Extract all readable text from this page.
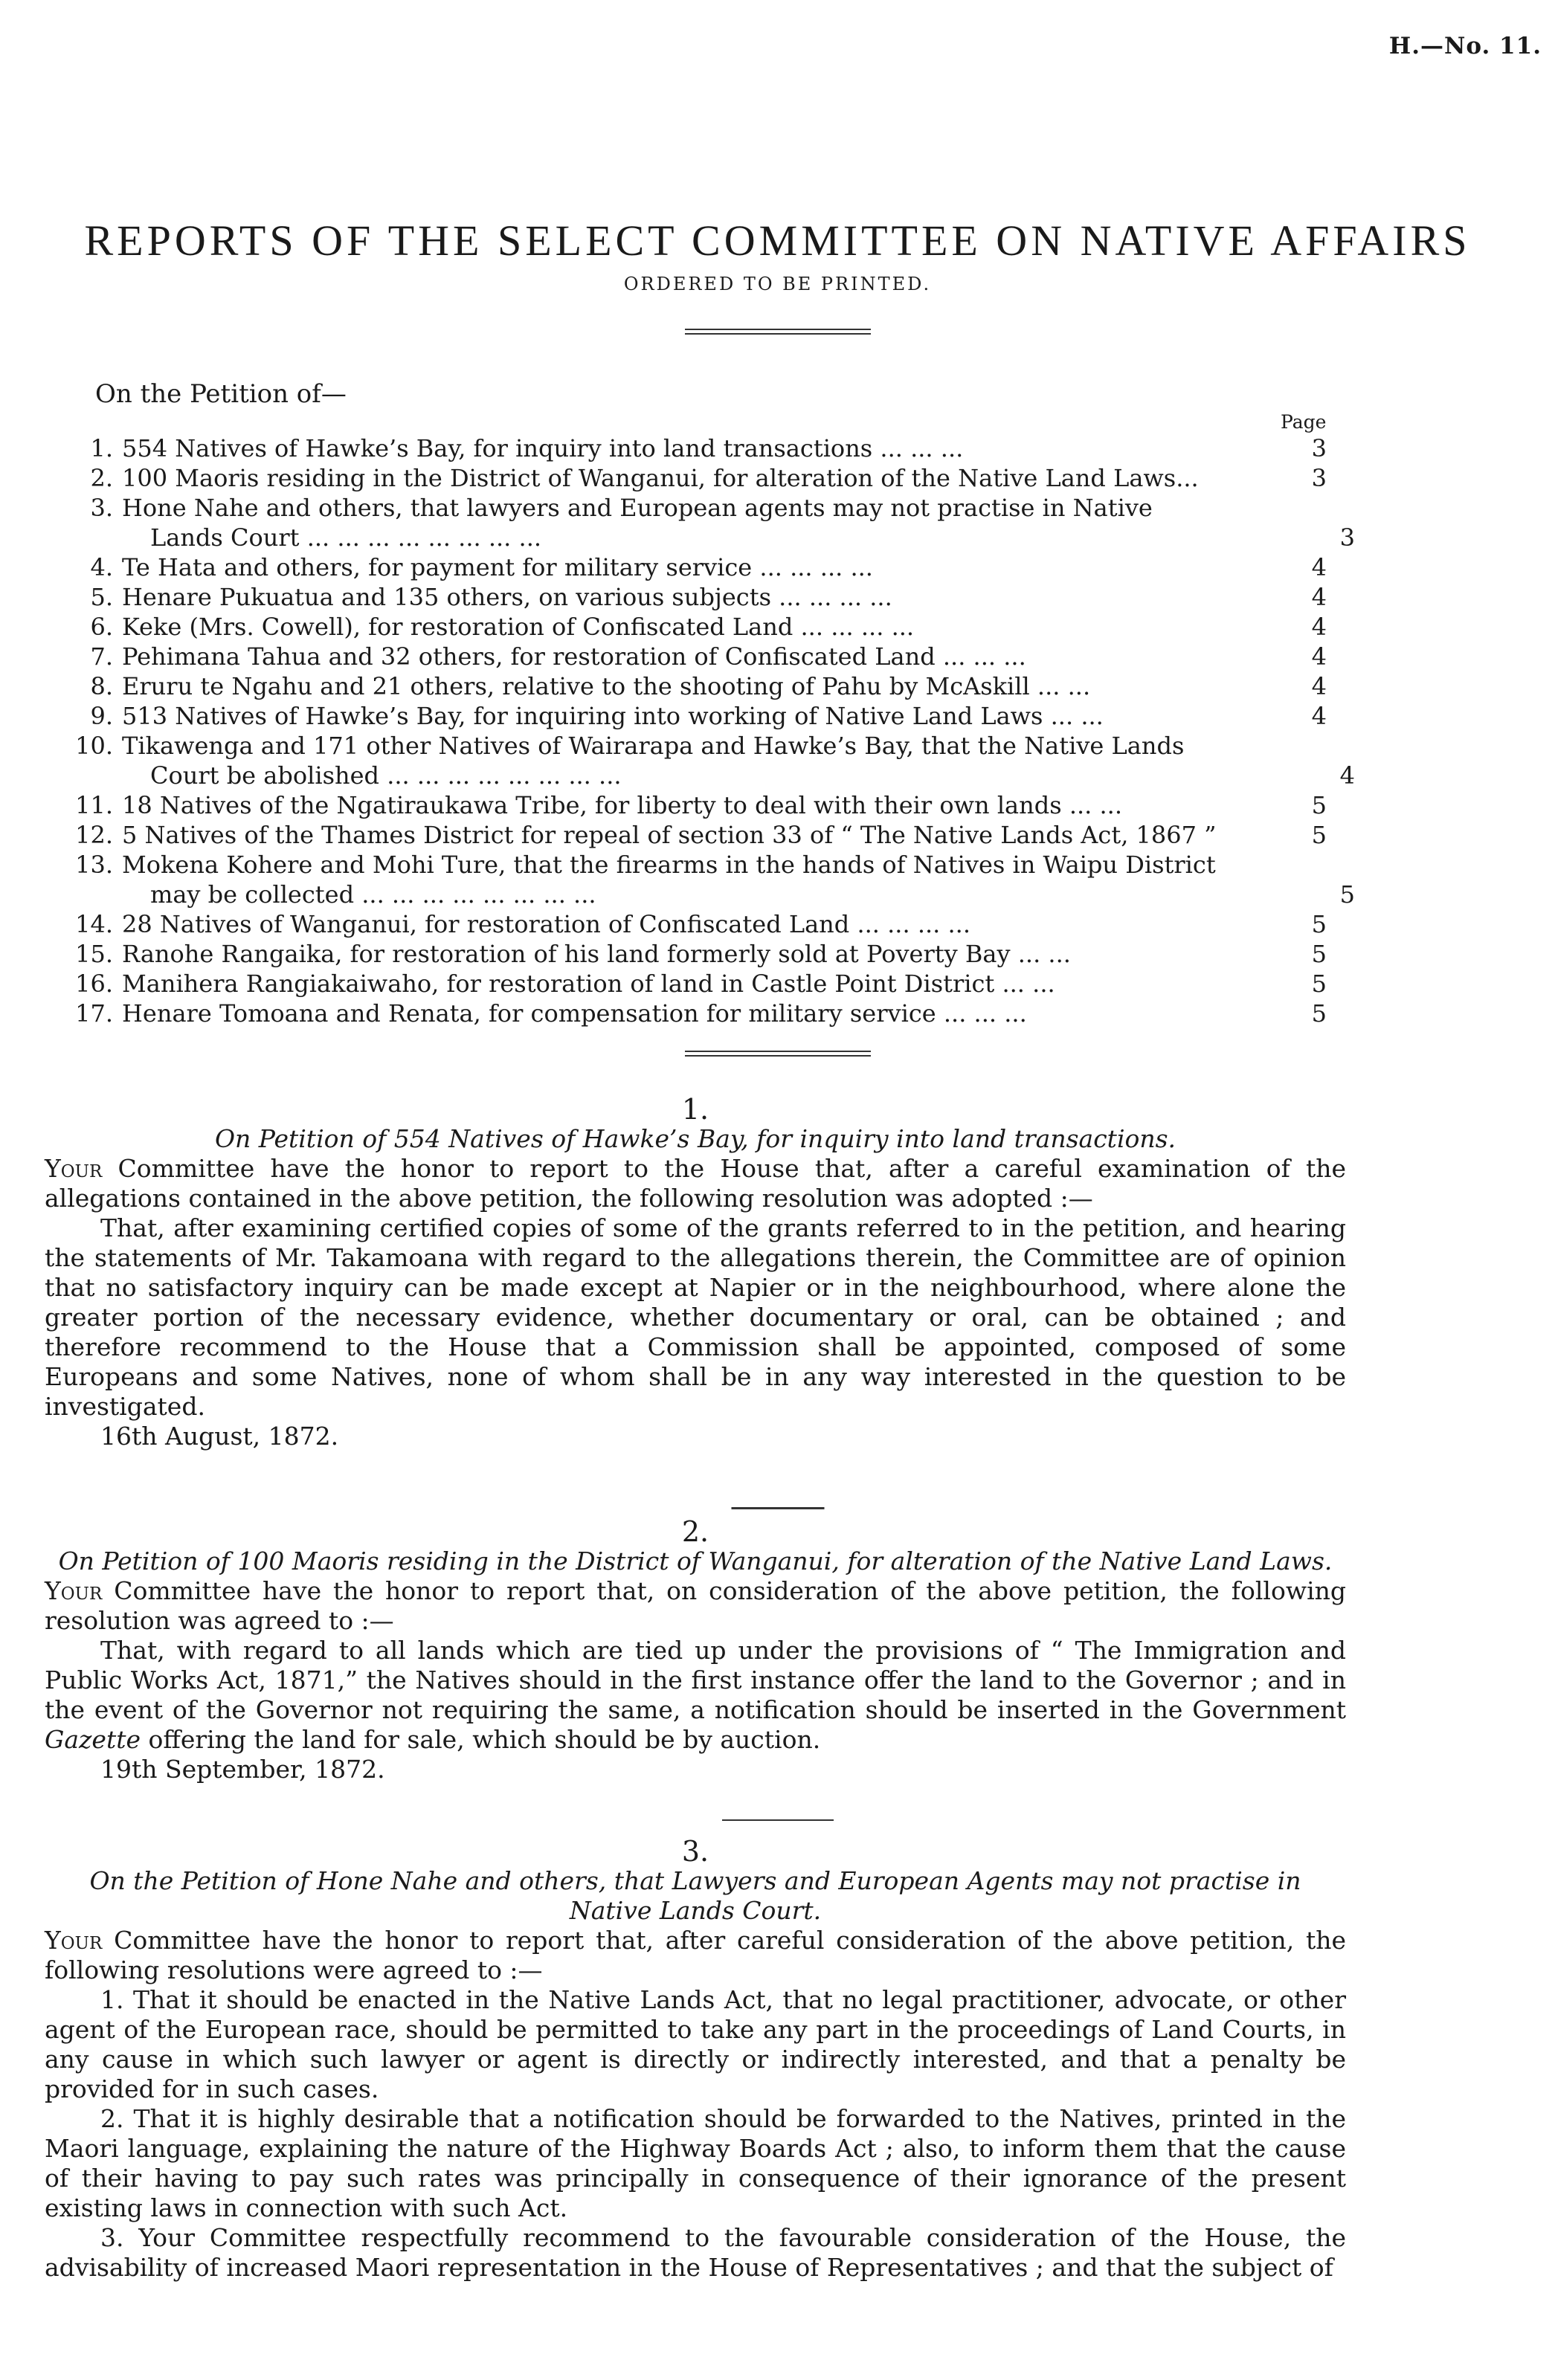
H.—No. 11.
REPORTS OF THE SELECT COMMITTEE ON NATIVE AFFAIRS
ORDERED TO BE PRINTED.
On the Petition of—
Page
1. 554 Natives of Hawke’s Bay, for inquiry into land transactions ... ... ...	3
2. 100 Maoris residing in the District of Wanganui, for alteration of the Native Land Laws...	3
3. Hone Nahe and others, that lawyers and European agents may not practise in Native
Lands Court ... ... ... ... ... ... ... ...	3
4. Te Hata and others, for payment for military service ... ... ... ...	4
5. Henare Pukuatua and 135 others, on various subjects ... ... ... ...	4
6. Keke (Mrs. Cowell), for restoration of Confiscated Land ... ... ... ...	4
7. Pehimana Tahua and 32 others, for restoration of Confiscated Land ... ... ...	4
8. Eruru te Ngahu and 21 others, relative to the shooting of Pahu by McAskill ... ...	4
9. 513 Natives of Hawke’s Bay, for inquiring into working of Native Land Laws ... ...	4
10. Tikawenga and 171 other Natives of Wairarapa and Hawke’s Bay, that the Native Lands
Court be abolished ... ... ... ... ... ... ... ...	4
11. 18 Natives of the Ngatiraukawa Tribe, for liberty to deal with their own lands ... ...	5
12. 5 Natives of the Thames District for repeal of section 33 of “ The Native Lands Act, 1867 ”	5
13. Mokena Kohere and Mohi Ture, that the firearms in the hands of Natives in Waipu District
may be collected ... ... ... ... ... ... ... ...	5
14. 28 Natives of Wanganui, for restoration of Confiscated Land ... ... ... ...	5
15. Ranohe Rangaika, for restoration of his land formerly sold at Poverty Bay ... ...	5
16. Manihera Rangiakaiwaho, for restoration of land in Castle Point District ... ...	5
17. Henare Tomoana and Renata, for compensation for military service ... ... ...	5
1.
On Petition of 554 Natives of Hawke’s Bay, for inquiry into land transactions.
Your Committee have the honor to report to the House that, after a careful examination of the allegations contained in the above petition, the following resolution was adopted :—
That, after examining certified copies of some of the grants referred to in the petition, and hearing the statements of Mr. Takamoana with regard to the allegations therein, the Committee are of opinion that no satisfactory inquiry can be made except at Napier or in the neighbourhood, where alone the greater portion of the necessary evidence, whether documentary or oral, can be obtained ; and therefore recommend to the House that a Commission shall be appointed, composed of some Europeans and some Natives, none of whom shall be in any way interested in the question to be investigated.
16th August, 1872.
2.
On Petition of 100 Maoris residing in the District of Wanganui, for alteration of the Native Land Laws.
Your Committee have the honor to report that, on consideration of the above petition, the following resolution was agreed to :—
That, with regard to all lands which are tied up under the provisions of “ The Immigration and Public Works Act, 1871,” the Natives should in the first instance offer the land to the Governor ; and in the event of the Governor not requiring the same, a notification should be inserted in the Government Gazette offering the land for sale, which should be by auction.
19th September, 1872.
3.
On the Petition of Hone Nahe and others, that Lawyers and European Agents may not practise in Native Lands Court.
Your Committee have the honor to report that, after careful consideration of the above petition, the following resolutions were agreed to :—
1. That it should be enacted in the Native Lands Act, that no legal practitioner, advocate, or other agent of the European race, should be permitted to take any part in the proceedings of Land Courts, in any cause in which such lawyer or agent is directly or indirectly interested, and that a penalty be provided for in such cases.
2. That it is highly desirable that a notification should be forwarded to the Natives, printed in the Maori language, explaining the nature of the Highway Boards Act ; also, to inform them that the cause of their having to pay such rates was principally in consequence of their ignorance of the present existing laws in connection with such Act.
3. Your Committee respectfully recommend to the favourable consideration of the House, the advisability of increased Maori representation in the House of Representatives ; and that the subject of
